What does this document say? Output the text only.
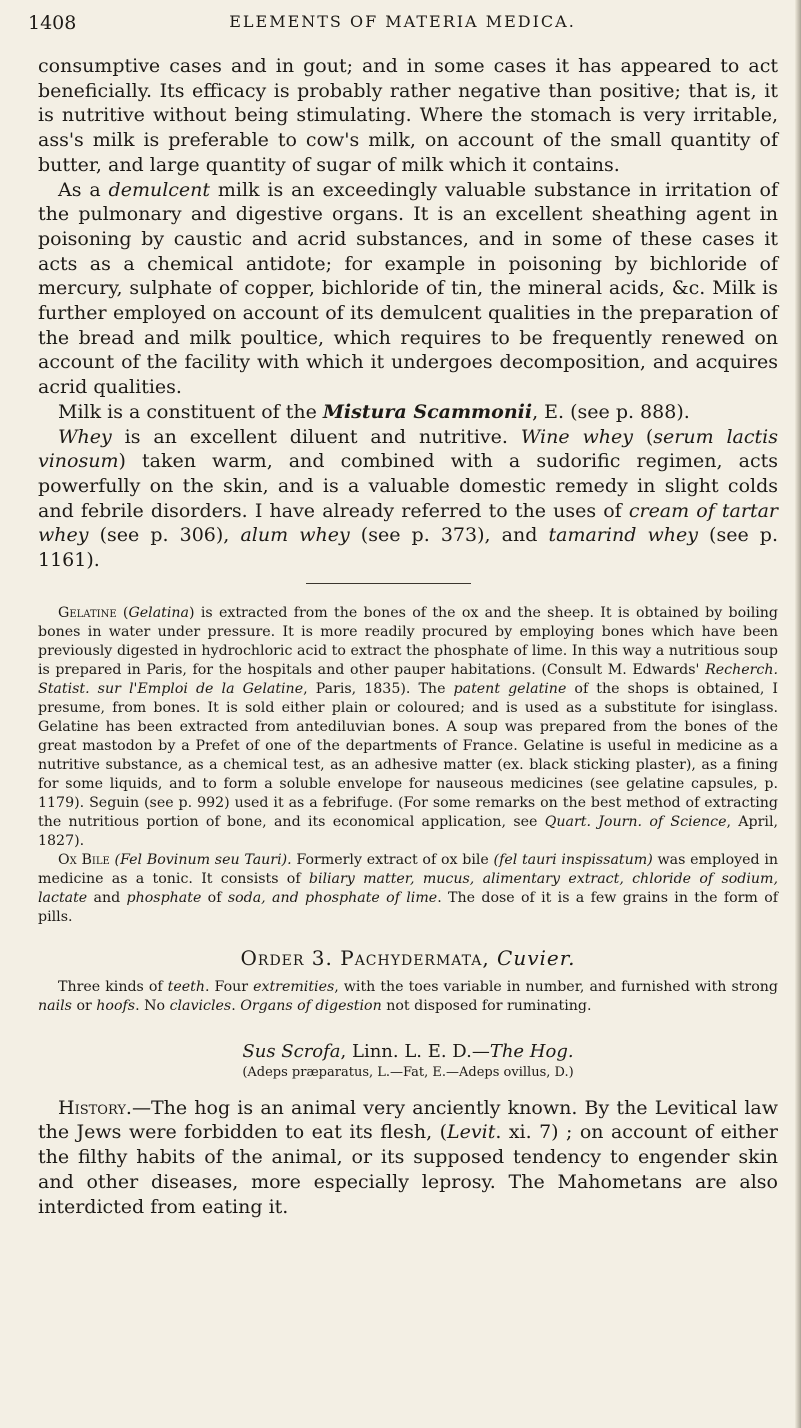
1408	ELEMENTS OF MATERIA MEDICA.

consumptive cases and in gout; and in some cases it has appeared to act beneficially. Its efficacy is probably rather negative than positive; that is, it is nutritive without being stimulating. Where the stomach is very irritable, ass's milk is preferable to cow's milk, on account of the small quantity of butter, and large quantity of sugar of milk which it contains.

As a demulcent milk is an exceedingly valuable substance in irritation of the pulmonary and digestive organs. It is an excellent sheathing agent in poisoning by caustic and acrid substances, and in some of these cases it acts as a chemical antidote; for example in poisoning by bichloride of mercury, sulphate of copper, bichloride of tin, the mineral acids, &c. Milk is further employed on account of its demulcent qualities in the preparation of the bread and milk poultice, which requires to be frequently renewed on account of the facility with which it undergoes decomposition, and acquires acrid qualities.

Milk is a constituent of the Mistura Scammonii, E. (see p. 888).

Whey is an excellent diluent and nutritive. Wine whey (serum lactis vinosum) taken warm, and combined with a sudorific regimen, acts powerfully on the skin, and is a valuable domestic remedy in slight colds and febrile disorders. I have already referred to the uses of cream of tartar whey (see p. 306), alum whey (see p. 373), and tamarind whey (see p. 1161).

Gelatine (Gelatina) is extracted from the bones of the ox and the sheep. It is obtained by boiling bones in water under pressure. It is more readily procured by employing bones which have been previously digested in hydrochloric acid to extract the phosphate of lime. In this way a nutritious soup is prepared in Paris, for the hospitals and other pauper habitations. (Consult M. Edwards' Recherch. Statist. sur l'Emploi de la Gelatine, Paris, 1835). The patent gelatine of the shops is obtained, I presume, from bones. It is sold either plain or coloured; and is used as a substitute for isinglass. Gelatine has been extracted from antediluvian bones. A soup was prepared from the bones of the great mastodon by a Prefet of one of the departments of France. Gelatine is useful in medicine as a nutritive substance, as a chemical test, as an adhesive matter (ex. black sticking plaster), as a fining for some liquids, and to form a soluble envelope for nauseous medicines (see gelatine capsules, p. 1179). Seguin (see p. 992) used it as a febrifuge. (For some remarks on the best method of extracting the nutritious portion of bone, and its economical application, see Quart. Journ. of Science, April, 1827).

Ox Bile (Fel Bovinum seu Tauri). Formerly extract of ox bile (fel tauri inspissatum) was employed in medicine as a tonic. It consists of biliary matter, mucus, alimentary extract, chloride of sodium, lactate and phosphate of soda, and phosphate of lime. The dose of it is a few grains in the form of pills.

Order 3. Pachydermata, Cuvier.

Three kinds of teeth. Four extremities, with the toes variable in number, and furnished with strong nails or hoofs. No clavicles. Organs of digestion not disposed for ruminating.

Sus Scrofa, Linn. L. E. D.—The Hog.
(Adeps præparatus, L.—Fat, E.—Adeps ovillus, D.)

History.—The hog is an animal very anciently known. By the Levitical law the Jews were forbidden to eat its flesh, (Levit. xi. 7) ; on account of either the filthy habits of the animal, or its supposed tendency to engender skin and other diseases, more especially leprosy. The Mahometans are also interdicted from eating it.
